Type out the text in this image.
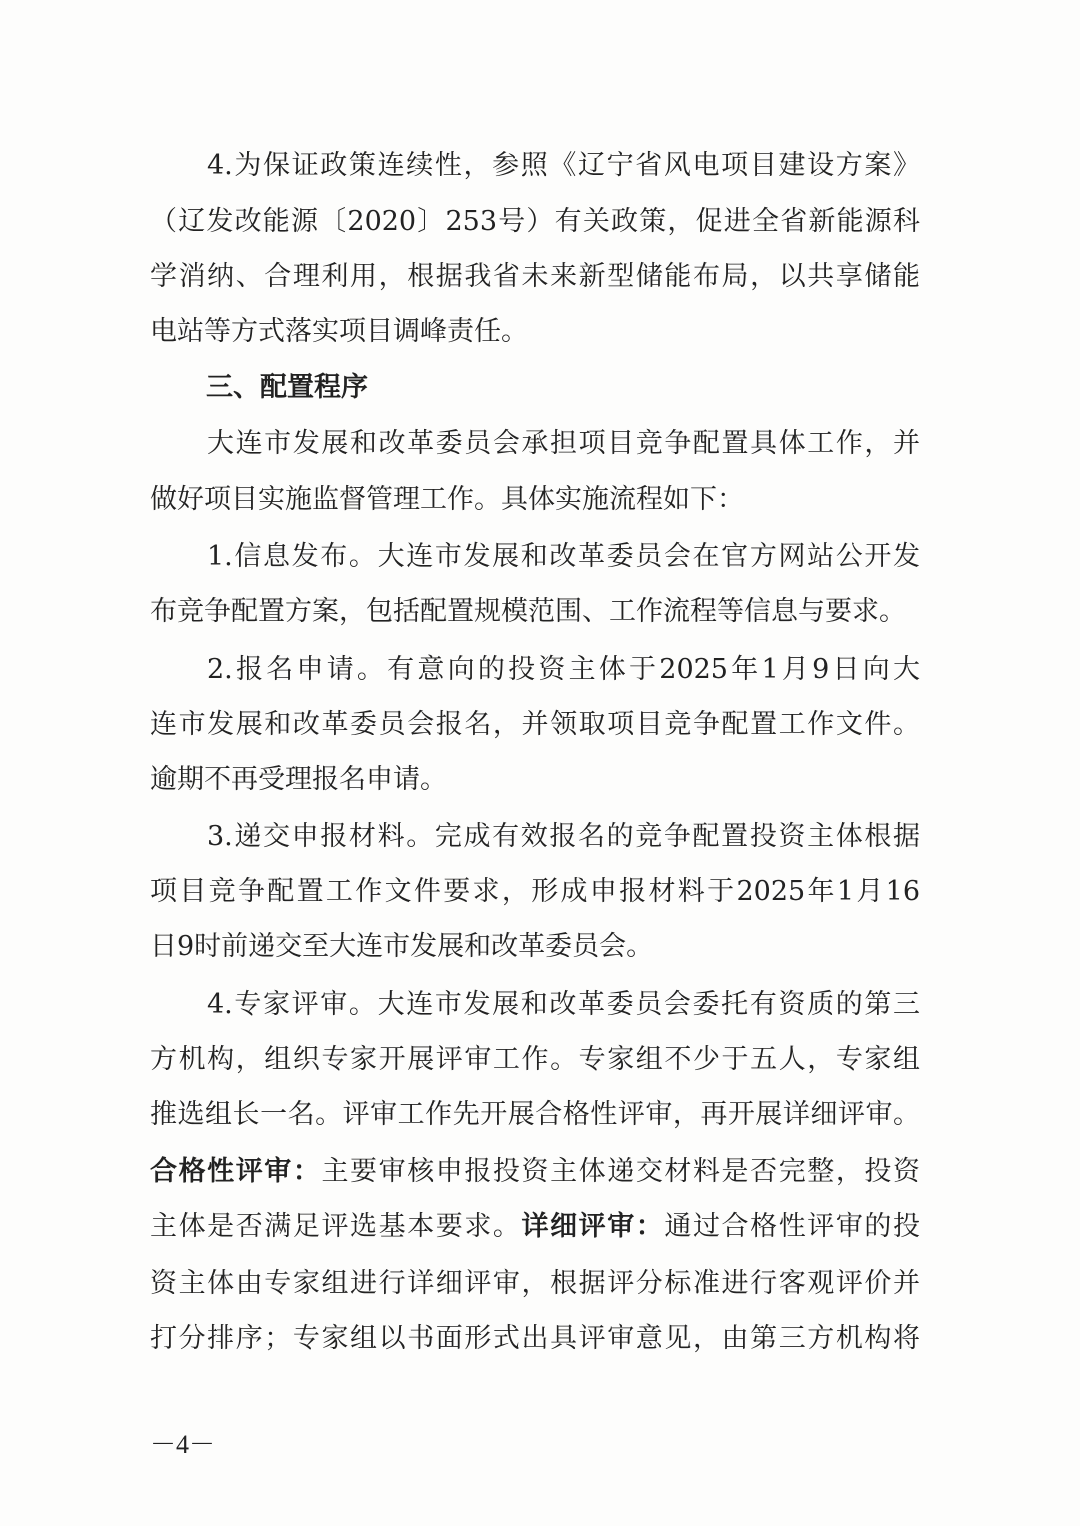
4.为保证政策连续性，参照《辽宁省风电项目建设方案》
（辽发改能源〔2020〕253号）有关政策，促进全省新能源科
学消纳、合理利用，根据我省未来新型储能布局，以共享储能
电站等方式落实项目调峰责任。
三、配置程序
大连市发展和改革委员会承担项目竞争配置具体工作，并
做好项目实施监督管理工作。具体实施流程如下：
1.信息发布。大连市发展和改革委员会在官方网站公开发
布竞争配置方案，包括配置规模范围、工作流程等信息与要求。
2.报名申请。有意向的投资主体于2025年1月9日向大
连市发展和改革委员会报名，并领取项目竞争配置工作文件。
逾期不再受理报名申请。
3.递交申报材料。完成有效报名的竞争配置投资主体根据
项目竞争配置工作文件要求，形成申报材料于2025年1月16
日9时前递交至大连市发展和改革委员会。
4.专家评审。大连市发展和改革委员会委托有资质的第三
方机构，组织专家开展评审工作。专家组不少于五人，专家组
推选组长一名。评审工作先开展合格性评审，再开展详细评审。
合格性评审：主要审核申报投资主体递交材料是否完整，投资
主体是否满足评选基本要求。详细评审：通过合格性评审的投
资主体由专家组进行详细评审，根据评分标准进行客观评价并
打分排序；专家组以书面形式出具评审意见，由第三方机构将
－4－
